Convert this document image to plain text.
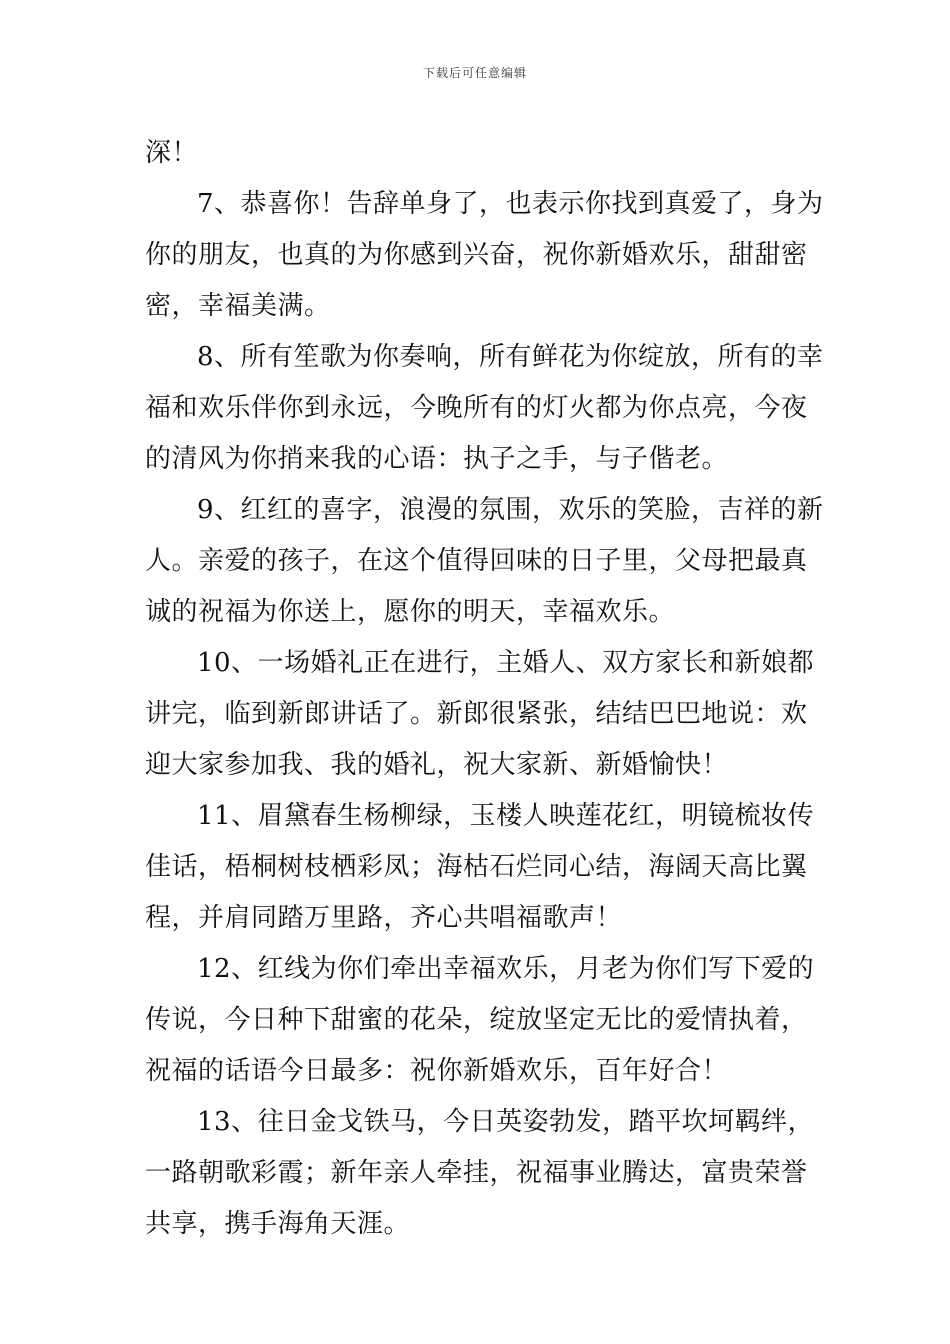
下载后可任意编辑
深！
7、恭喜你！告辞单身了，也表示你找到真爱了，身为
你的朋友，也真的为你感到兴奋，祝你新婚欢乐，甜甜密
密，幸福美满。
8、所有笙歌为你奏响，所有鲜花为你绽放，所有的幸
福和欢乐伴你到永远，今晚所有的灯火都为你点亮，今夜
的清风为你捎来我的心语：执子之手，与子偕老。
9、红红的喜字，浪漫的氛围，欢乐的笑脸，吉祥的新
人。亲爱的孩子，在这个值得回味的日子里，父母把最真
诚的祝福为你送上，愿你的明天，幸福欢乐。
10、一场婚礼正在进行，主婚人、双方家长和新娘都
讲完，临到新郎讲话了。新郎很紧张，结结巴巴地说：欢
迎大家参加我、我的婚礼，祝大家新、新婚愉快！
11、眉黛春生杨柳绿，玉楼人映莲花红，明镜梳妆传
佳话，梧桐树枝栖彩凤；海枯石烂同心结，海阔天高比翼
程，并肩同踏万里路，齐心共唱福歌声！
12、红线为你们牵出幸福欢乐，月老为你们写下爱的
传说，今日种下甜蜜的花朵，绽放坚定无比的爱情执着，
祝福的话语今日最多：祝你新婚欢乐，百年好合！
13、往日金戈铁马，今日英姿勃发，踏平坎坷羁绊，
一路朝歌彩霞；新年亲人牵挂，祝福事业腾达，富贵荣誉
共享，携手海角天涯。
